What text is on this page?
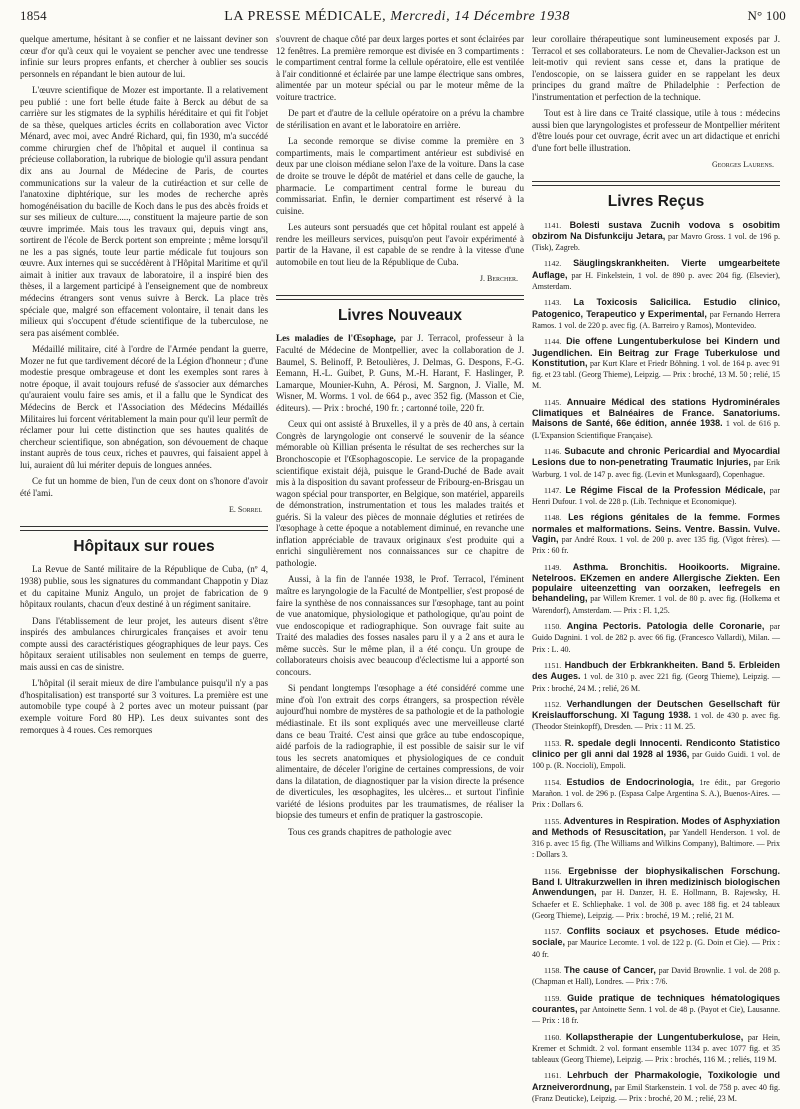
1854	LA PRESSE MÉDICALE, Mercredi, 14 Décembre 1938	N° 100

quelque amertume, hésitant à se confier et ne laissant deviner son cœur d'or qu'à ceux qui le voyaient se pencher avec une tendresse infinie sur leurs propres enfants, et chercher à oublier ses soucis personnels en répandant le bien autour de lui.

L'œuvre scientifique de Mozer est importante. Il a relativement peu publié : une fort belle étude faite à Berck au début de sa carrière sur les stigmates de la syphilis héréditaire et qui fit l'objet de sa thèse, quelques articles écrits en collaboration avec Victor Ménard, avec moi, avec André Richard, qui, fin 1930, m'a succédé comme chirurgien chef de l'hôpital et auquel il continua sa précieuse collaboration, la rubrique de biologie qu'il assura pendant dix ans au Journal de Médecine de Paris, de courtes communications sur la valeur de la cutiréaction et sur celle de l'anatoxine diphtérique, sur les modes de recherche après homogénéisation du bacille de Koch dans le pus des abcès froids et sur ses milieux de culture....., constituent la majeure partie de son œuvre imprimée. Mais tous les travaux qui, depuis vingt ans, sortirent de l'école de Berck portent son empreinte ; même lorsqu'il ne les a pas signés, toute leur partie médicale fut toujours son œuvre. Aux internes qui se succédèrent à l'Hôpital Maritime et qu'il aimait à initier aux travaux de laboratoire, il a inspiré bien des thèses, il a largement participé à l'enseignement que de nombreux médecins étrangers sont venus suivre à Berck. La place très spéciale que, malgré son effacement volontaire, il tenait dans les milieux qui s'occupent d'étude scientifique de la tuberculose, ne sera pas aisément comblée.

Médaillé militaire, cité à l'ordre de l'Armée pendant la guerre, Mozer ne fut que tardivement décoré de la Légion d'honneur ; d'une modestie presque ombrageuse et dont les exemples sont rares à notre époque, il avait toujours refusé de s'associer aux démarches qu'auraient voulu faire ses amis, et il a fallu que le Syndicat des Médecins de Berck et l'Association des Médecins Médaillés Militaires lui forcent véritablement la main pour qu'il leur permît de réclamer pour lui cette distinction que ses hautes qualités de chercheur scientifique, son abnégation, son dévouement de chaque instant auprès de tous ceux, riches et pauvres, qui faisaient appel à lui, auraient dû lui mériter depuis de longues années.

Ce fut un homme de bien, l'un de ceux dont on s'honore d'avoir été l'ami.

E. Sorrel
Hôpitaux sur roues

La Revue de Santé militaire de la République de Cuba, (nº 4, 1938) publie, sous les signatures du commandant Chappotin y Diaz et du capitaine Muniz Angulo, un projet de fabrication de 9 hôpitaux roulants, chacun d'eux destiné à un régiment sanitaire.

Dans l'établissement de leur projet, les auteurs disent s'être inspirés des ambulances chirurgicales françaises et avoir tenu compte aussi des caractéristiques géographiques de leur pays. Ces hôpitaux seraient utilisables non seulement en temps de guerre, mais aussi en cas de sinistre.

L'hôpital (il serait mieux de dire l'ambulance puisqu'il n'y a pas d'hospitalisation) est transporté sur 3 voitures. La première est une automobile type coupé à 2 portes avec un moteur puissant (par exemple voiture Ford 80 HP). Les deux suivantes sont des remorques à 4 roues. Ces remorques

s'ouvrent de chaque côté par deux larges portes et sont éclairées par 12 fenêtres. La première remorque est divisée en 3 compartiments : le compartiment central forme la cellule opératoire, elle est ventilée à l'air conditionné et éclairée par une lampe électrique sans ombres, alimentée par un moteur spécial ou par le moteur même de la voiture tractrice.

De part et d'autre de la cellule opératoire on a prévu la chambre de stérilisation en avant et le laboratoire en arrière.

La seconde remorque se divise comme la première en 3 compartiments, mais le compartiment antérieur est subdivisé en deux par une cloison médiane selon l'axe de la voiture. Dans la case de droite se trouve le dépôt de matériel et dans celle de gauche, la pharmacie. Le compartiment central forme le bureau du commissariat. Enfin, le dernier compartiment est réservé à la cuisine.

Les auteurs sont persuadés que cet hôpital roulant est appelé à rendre les meilleurs services, puisqu'on peut l'avoir expérimenté à partir de la Havane, il est capable de se rendre à la vitesse d'une automobile en tout lieu de la République de Cuba.

J. Bercher.
Livres Nouveaux

Les maladies de l'Œsophage, par J. Terracol, professeur à la Faculté de Médecine de Montpellier, avec la collaboration de J. Baumel, S. Belinoff, P. Betoulières, J. Delmas, G. Despons, F.-G. Eemann, H.-L. Guibet, P. Guns, M.-H. Harant, F. Haslinger, P. Lamarque, Mounier-Kuhn, A. Pérosi, M. Sargnon, J. Vialle, M. Wisner, M. Worms. 1 vol. de 664 p., avec 352 fig. (Masson et Cie, éditeurs). — Prix : broché, 190 fr. ; cartonné toile, 220 fr.

Ceux qui ont assisté à Bruxelles, il y a près de 40 ans, à certain Congrès de laryngologie ont conservé le souvenir de la séance mémorable où Killian présenta le résultat de ses recherches sur la Bronchoscopie et l'Œsophagoscopie. Le service de la propagande scientifique existait déjà, puisque le Grand-Duché de Bade avait mis à la disposition du savant professeur de Fribourg-en-Brisgau un wagon spécial pour transporter, en Belgique, son matériel, appareils de démonstration, instrumentation et tous les malades traités et guéris. Si la valeur des pièces de monnaie dégluties et retirées de l'œsophage à cette époque a notablement diminué, en revanche une inflation appréciable de travaux originaux s'est produite qui a enrichi singulièrement nos connaissances sur ce chapitre de pathologie.

Aussi, à la fin de l'année 1938, le Prof. Terracol, l'éminent maître es laryngologie de la Faculté de Montpellier, s'est proposé de faire la synthèse de nos connaissances sur l'œsophage, tant au point de vue anatomique, physiologique et pathologique, qu'au point de vue endoscopique et radiographique. Son ouvrage fait suite au Traité des maladies des fosses nasales paru il y a 2 ans et aura le même succès. Sur le même plan, il a été conçu. Un groupe de collaborateurs choisis avec beaucoup d'éclectisme lui a apporté son concours.

Si pendant longtemps l'œsophage a été considéré comme une mine d'où l'on extrait des corps étrangers, sa prospection révèle aujourd'hui nombre de mystères de sa pathologie et de la pathologie médiastinale. Et ils sont expliqués avec une merveilleuse clarté dans ce beau Traité. C'est ainsi que grâce au tube endoscopique, aidé parfois de la radiographie, il est possible de saisir sur le vif tous les secrets anatomiques et physiologiques de ce conduit alimentaire, de déceler l'origine de certaines compressions, de voir dans la dilatation, de diagnostiquer par la vision directe la présence de diverticules, les œsophagites, les ulcères... et surtout l'infinie variété de lésions produites par les traumatismes, de réaliser la biopsie des tumeurs et enfin de pratiquer la gastroscopie.

Tous ces grands chapitres de pathologie avec

leur corollaire thérapeutique sont lumineusement exposés par J. Terracol et ses collaborateurs. Le nom de Chevalier-Jackson est un leit-motiv qui revient sans cesse et, dans la pratique de l'endoscopie, on se laissera guider en se rappelant les deux principes du grand maître de Philadelphie : Perfection de l'instrumentation et perfection de la technique.

Tout est à lire dans ce Traité classique, utile à tous : médecins aussi bien que laryngologistes et professeur de Montpellier méritent d'être loués pour cet ouvrage, écrit avec un art didactique et enrichi d'une fort belle illustration.

Georges Laurens.
Livres Reçus

1141. Bolesti sustava Zucnih vodova s osobitim obzirom Na Disfunkciju Jetara, par Mavro Gross. 1 vol. de 196 p. (Tisk), Zagreb.

1142. Säuglingskrankheiten. Vierte umgearbeitete Auflage, par H. Finkelstein, 1 vol. de 890 p. avec 204 fig. (Elsevier), Amsterdam.

1143. La Toxicosis Salicilica. Estudio clinico, Patogenico, Terapeutico y Experimental, par Fernando Herrera Ramos. 1 vol. de 220 p. avec fig. (A. Barreiro y Ramos), Montevideo.

1144. Die offene Lungentuberkulose bei Kindern und Jugendlichen. Ein Beitrag zur Frage Tuberkulose und Konstitution, par Kurt Klare et Friedr Böhning. 1 vol. de 164 p. avec 91 fig. et 23 tabl. (Georg Thieme), Leipzig. — Prix : broché, 13 M. 50 ; relié, 15 M.

1145. Annuaire Médical des stations Hydrominérales Climatiques et Balnéaires de France. Sanatoriums. Maisons de Santé, 66e édition, année 1938. 1 vol. de 616 p. (L'Expansion Scientifique Française).

1146. Subacute and chronic Pericardial and Myocardial Lesions due to non-penetrating Traumatic Injuries, par Erik Warburg. 1 vol. de 147 p. avec fig. (Levin et Munksgaard), Copenhague.

1147. Le Régime Fiscal de la Profession Médicale, par Henri Dufour. 1 vol. de 228 p. (Lib. Technique et Economique).

1148. Les régions génitales de la femme. Formes normales et malformations. Seins. Ventre. Bassin. Vulve. Vagin, par André Roux. 1 vol. de 200 p. avec 135 fig. (Vigot frères). — Prix : 60 fr.

1149. Asthma. Bronchitis. Hooikoorts. Migraine. Netelroos. EKzemen en andere Allergische Ziekten. Een populaire uiteenzetting van oorzaken, leefregels en behandeling, par Willem Kremer. 1 vol. de 80 p. avec fig. (Holkema et Warendorf), Amsterdam. — Prix : Fl. 1,25.

1150. Angina Pectoris. Patologia delle Coronarie, par Guido Dagnini. 1 vol. de 282 p. avec 66 fig. (Francesco Vallardi), Milan. — Prix : L. 40.

1151. Handbuch der Erbkrankheiten. Band 5. Erbleiden des Auges. 1 vol. de 310 p. avec 221 fig. (Georg Thieme), Leipzig. — Prix : broché, 24 M. ; relié, 26 M.

1152. Verhandlungen der Deutschen Gesellschaft für Kreislaufforschung. XI Tagung 1938. 1 vol. de 430 p. avec fig. (Theodor Steinkopff), Dresden. — Prix : 11 M. 25.

1153. R. spedale degli Innocenti. Rendiconto Statistico clinico per gli anni dal 1928 al 1936, par Guido Guidi. 1 vol. de 100 p. (R. Noccioli), Empoli.

1154. Estudios de Endocrinologia, 1re édit., par Gregorio Marañon. 1 vol. de 296 p. (Espasa Calpe Argentina S. A.), Buenos-Aires. — Prix : Dollars 6.

1155. Adventures in Respiration. Modes of Asphyxiation and Methods of Resuscitation, par Yandell Henderson. 1 vol. de 316 p. avec 15 fig. (The Williams and Wilkins Company), Baltimore. — Prix : Dollars 3.

1156. Ergebnisse der biophysikalischen Forschung. Band I. Ultrakurzwellen in ihren medizinisch biologischen Anwendungen, par H. Danzer, H. E. Hollmann, B. Rajewsky, H. Schaefer et E. Schliephake. 1 vol. de 308 p. avec 188 fig. et 24 tableaux (Georg Thieme), Leipzig. — Prix : broché, 19 M. ; relié, 21 M.

1157. Conflits sociaux et psychoses. Etude médico-sociale, par Maurice Lecomte. 1 vol. de 122 p. (G. Doin et Cie). — Prix : 40 fr.

1158. The cause of Cancer, par David Brownlie. 1 vol. de 208 p. (Chapman et Hall), Londres. — Prix : 7/6.

1159. Guide pratique de techniques hématologiques courantes, par Antoinette Senn. 1 vol. de 48 p. (Payot et Cie), Lausanne. — Prix : 18 fr.

1160. Kollapstherapie der Lungentuberkulose, par Hein, Kremer et Schmidt. 2 vol. formant ensemble 1134 p. avec 1077 fig. et 35 tableaux (Georg Thieme), Leipzig. — Prix : brochés, 116 M. ; reliés, 119 M.

1161. Lehrbuch der Pharmakologie, Toxikologie und Arzneiverordnung, par Emil Starkenstein. 1 vol. de 758 p. avec 40 fig. (Franz Deuticke), Leipzig. — Prix : broché, 20 M. ; relié, 23 M.
